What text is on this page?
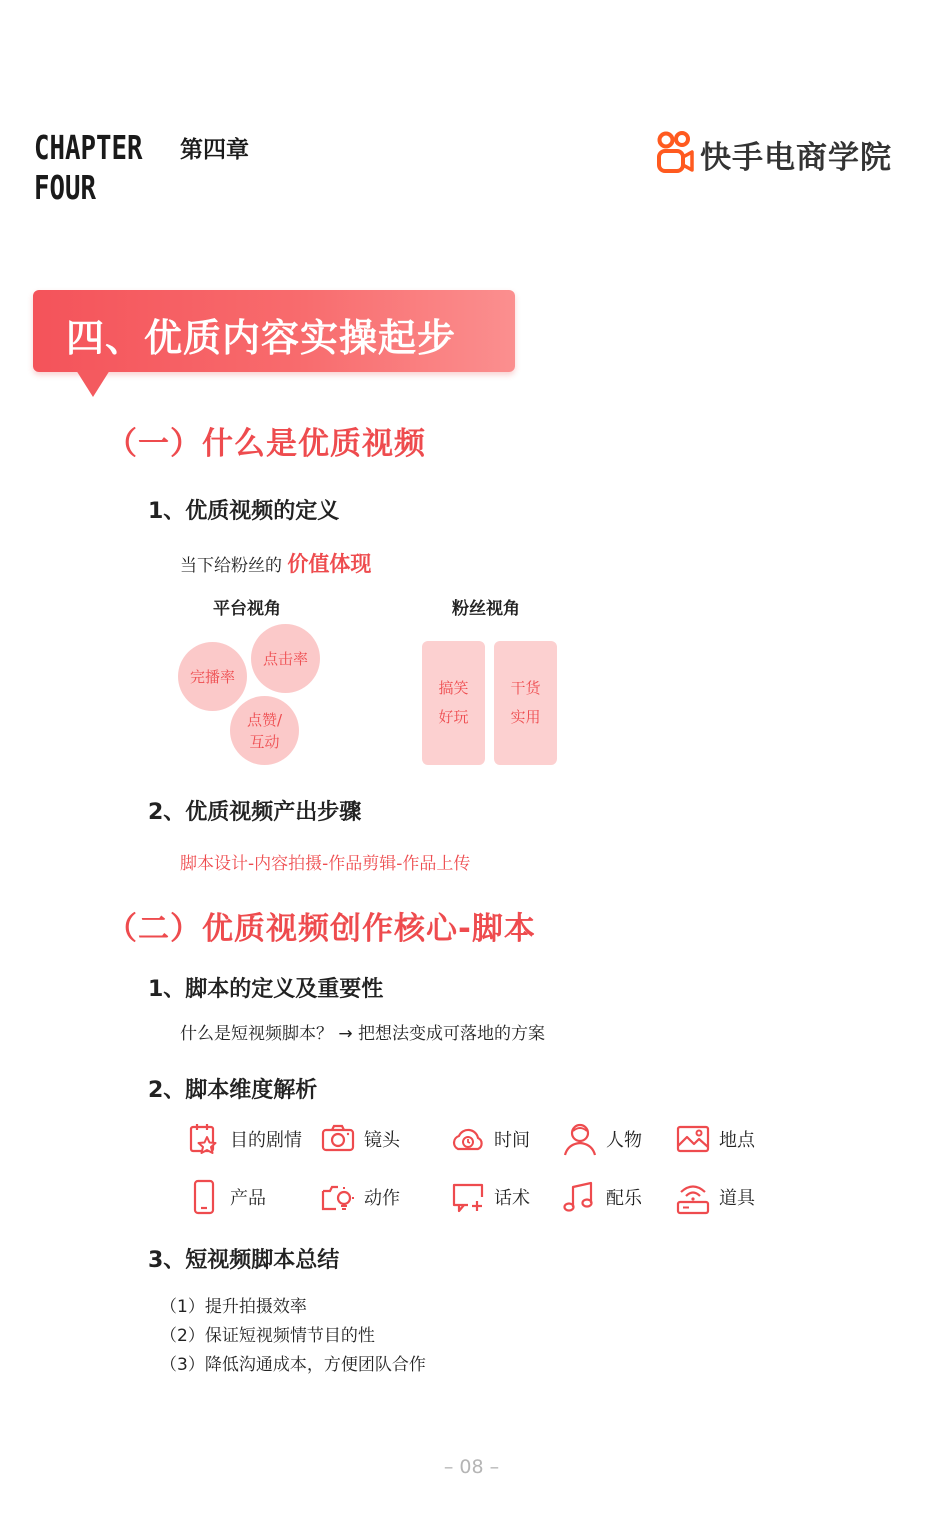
CHAPTER
FOUR
第四章	快手电商学院
四、优质内容实操起步
（一）什么是优质视频
1、优质视频的定义
当下给粉丝的 价值体现
平台视角	粉丝视角
完播率
点击率
点赞/
互动
搞笑
好玩
干货
实用
2、优质视频产出步骤
脚本设计-内容拍摄-作品剪辑-作品上传
（二）优质视频创作核心-脚本
1、脚本的定义及重要性
什么是短视频脚本？ → 把想法变成可落地的方案
2、脚本维度解析
目的剧情	镜头	时间	人物	地点
产品	动作	话术	配乐	道具
3、短视频脚本总结
（1）提升拍摄效率
（2）保证短视频情节目的性
（3）降低沟通成本，方便团队合作
– 08 –
